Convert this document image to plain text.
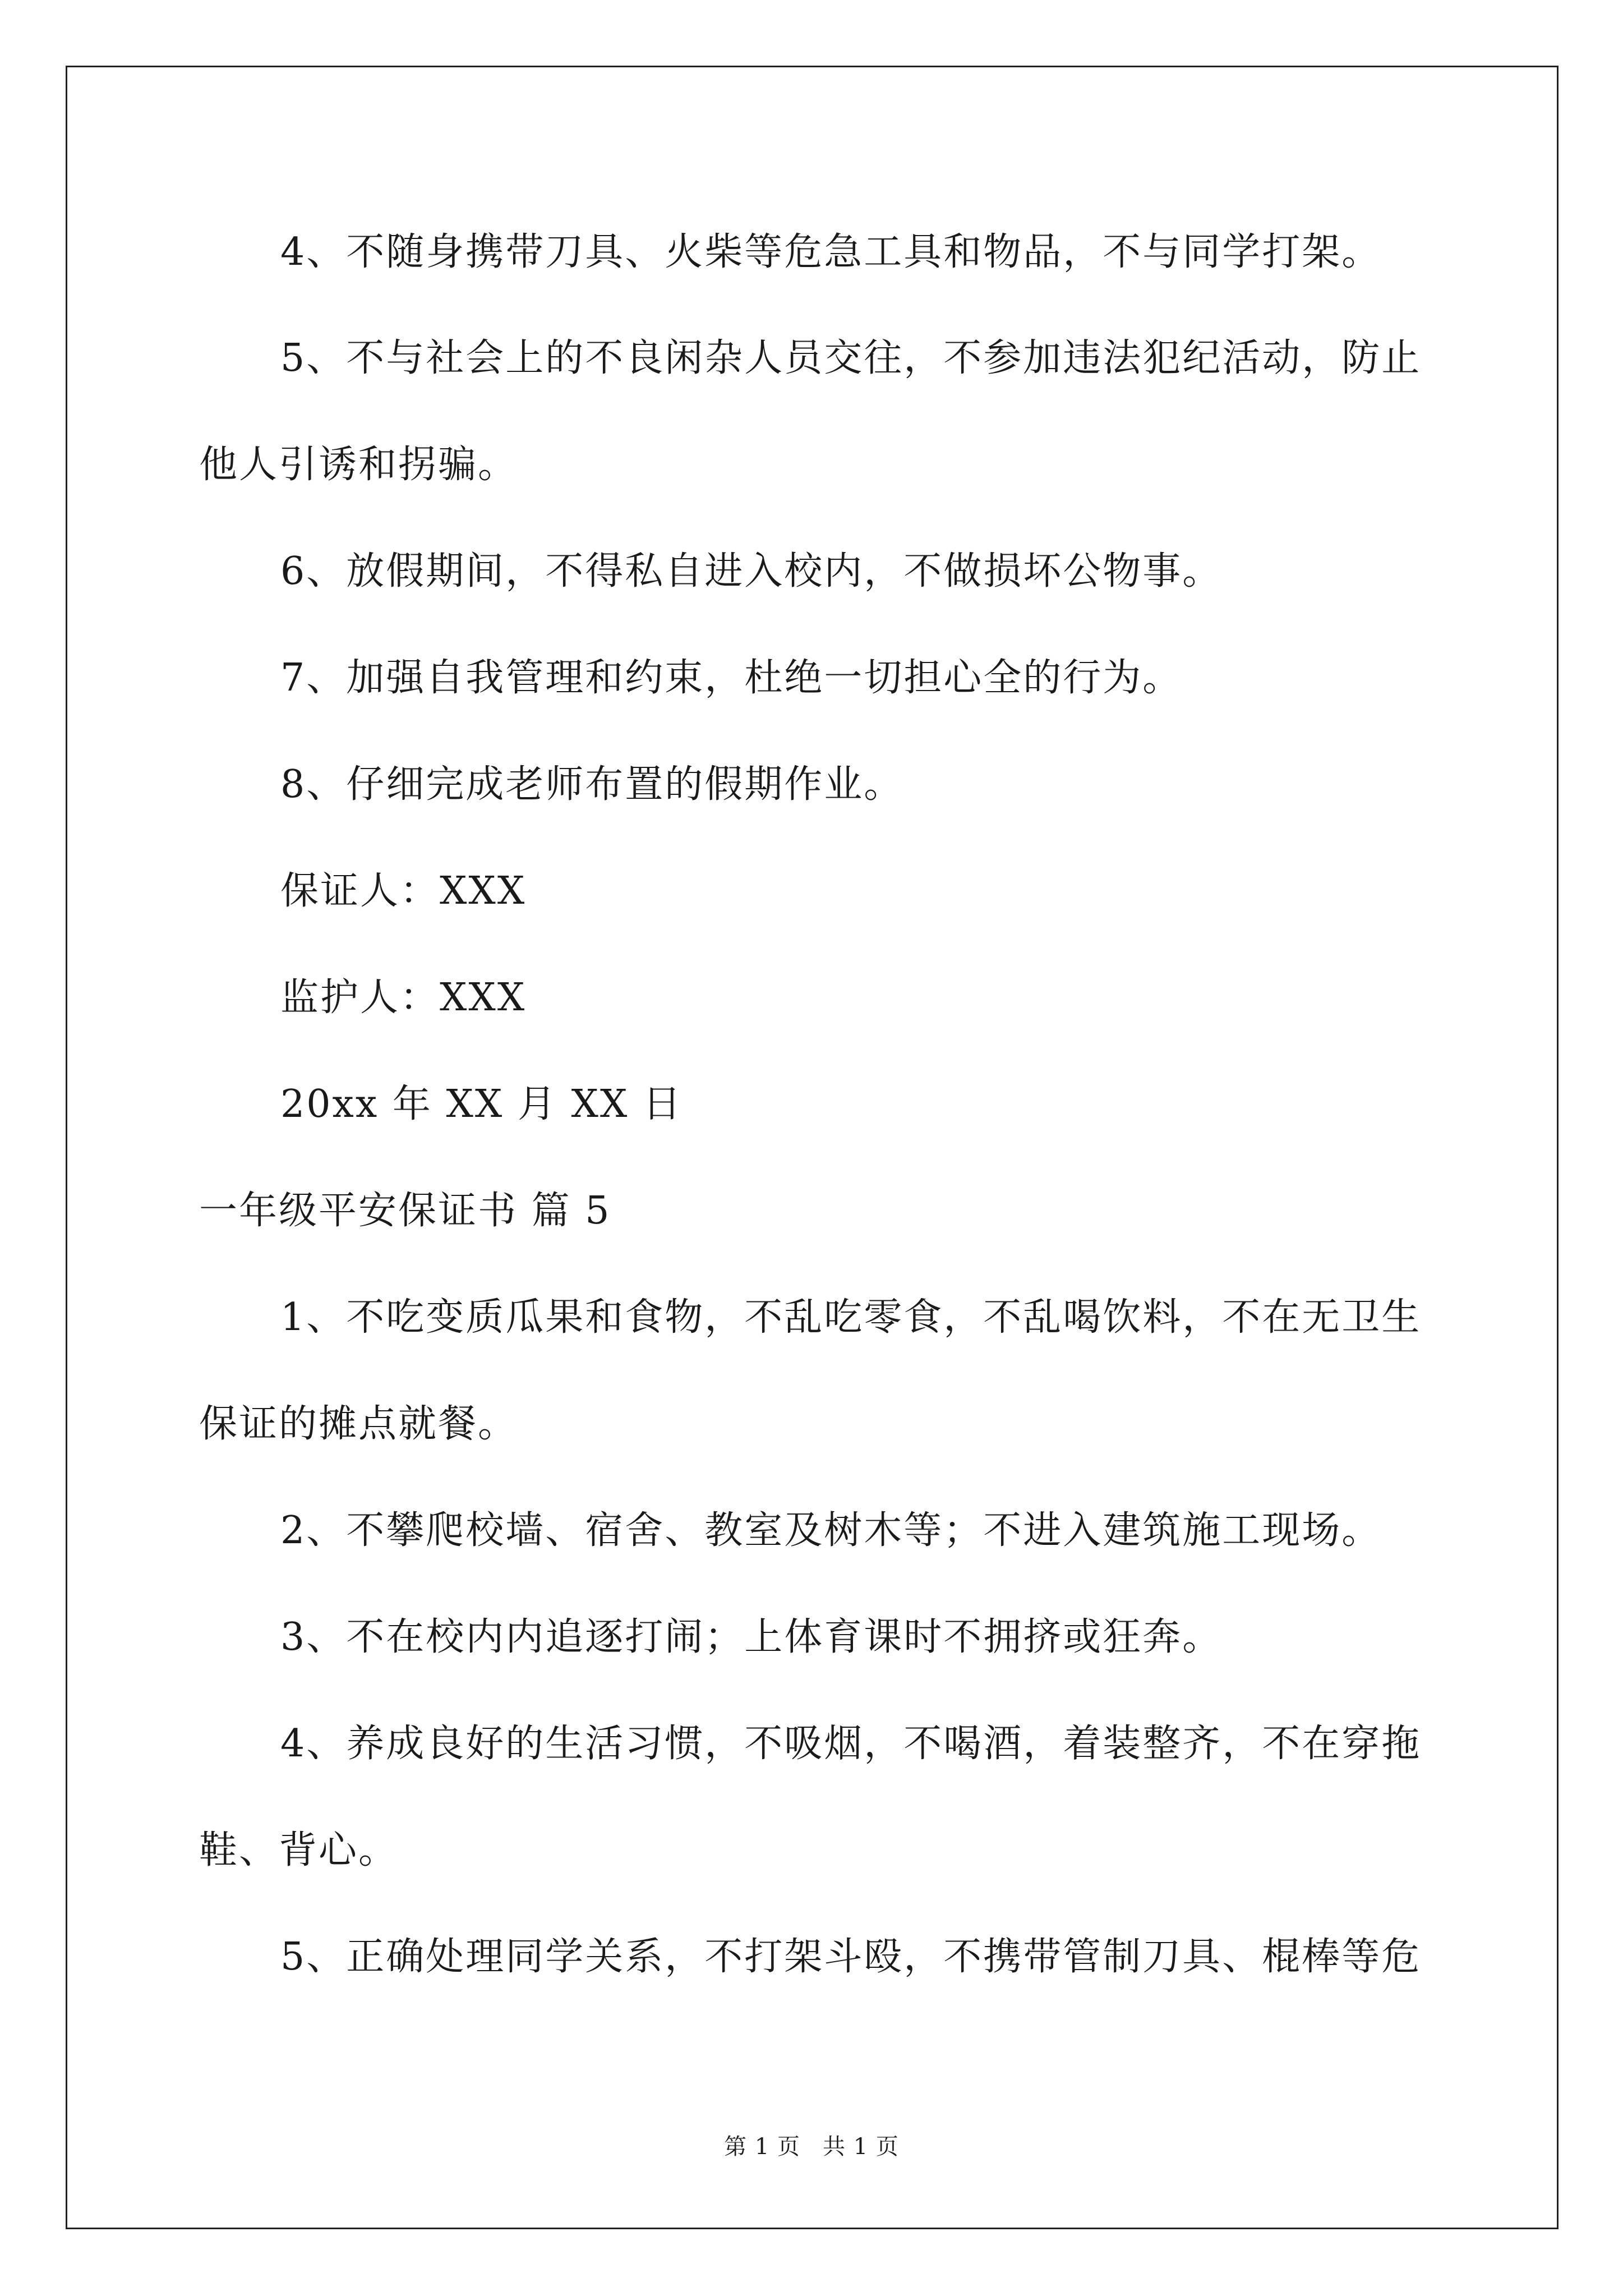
4、不随身携带刀具、火柴等危急工具和物品，不与同学打架。
5、不与社会上的不良闲杂人员交往，不参加违法犯纪活动，防止
他人引诱和拐骗。
6、放假期间，不得私自进入校内，不做损坏公物事。
7、加强自我管理和约束，杜绝一切担心全的行为。
8、仔细完成老师布置的假期作业。
保证人：XXX
监护人：XXX
20xx 年 XX 月 XX 日
一年级平安保证书 篇 5
1、不吃变质瓜果和食物，不乱吃零食，不乱喝饮料，不在无卫生
保证的摊点就餐。
2、不攀爬校墙、宿舍、教室及树木等；不进入建筑施工现场。
3、不在校内内追逐打闹；上体育课时不拥挤或狂奔。
4、养成良好的生活习惯，不吸烟，不喝酒，着装整齐，不在穿拖
鞋、背心。
5、正确处理同学关系，不打架斗殴，不携带管制刀具、棍棒等危
第 1 页 共 1 页
